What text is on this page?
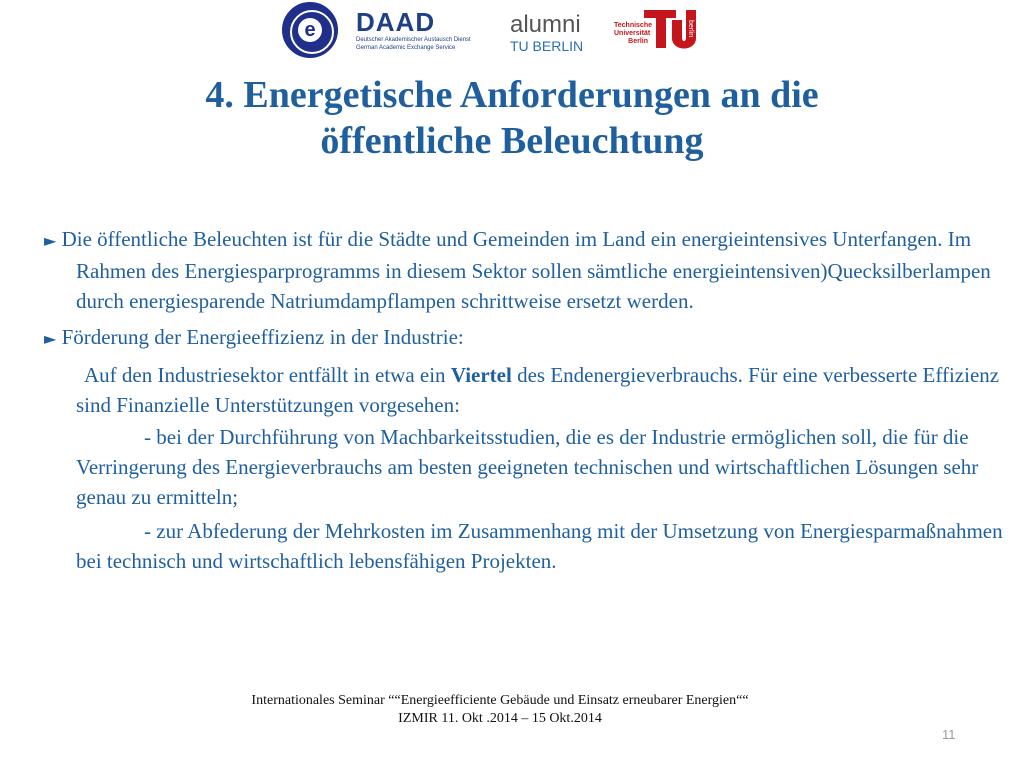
e DAAD
Deutscher Akademischer Austausch Dienst
German Academic Exchange Service
alumni
TU BERLIN
Technische
Universität
Berlin
berlin
4. Energetische Anforderungen an die
öffentliche Beleuchtung

► Die öffentliche Beleuchten ist für die Städte und Gemeinden im Land ein energieintensives Unterfangen. Im Rahmen des Energiesparprogramms in diesem Sektor sollen sämtliche energieintensiven)Quecksilberlampen durch energiesparende Natriumdampflampen schrittweise ersetzt werden.

► Förderung der Energieeffizienz in der Industrie:

Auf den Industriesektor entfällt in etwa ein Viertel des Endenergieverbrauchs. Für eine verbesserte Effizienz sind Finanzielle Unterstützungen vorgesehen:

- bei der Durchführung von Machbarkeitsstudien, die es der Industrie ermöglichen soll, die für die Verringerung des Energieverbrauchs am besten geeigneten technischen und wirtschaftlichen Lösungen sehr genau zu ermitteln;

- zur Abfederung der Mehrkosten im Zusammenhang mit der Umsetzung von Energiesparmaßnahmen bei technisch und wirtschaftlich lebensfähigen Projekten.

Internationales Seminar ““Energieefficiente Gebäude und Einsatz erneubarer Energien““
IZMIR 11. Okt .2014 – 15 Okt.2014
11
